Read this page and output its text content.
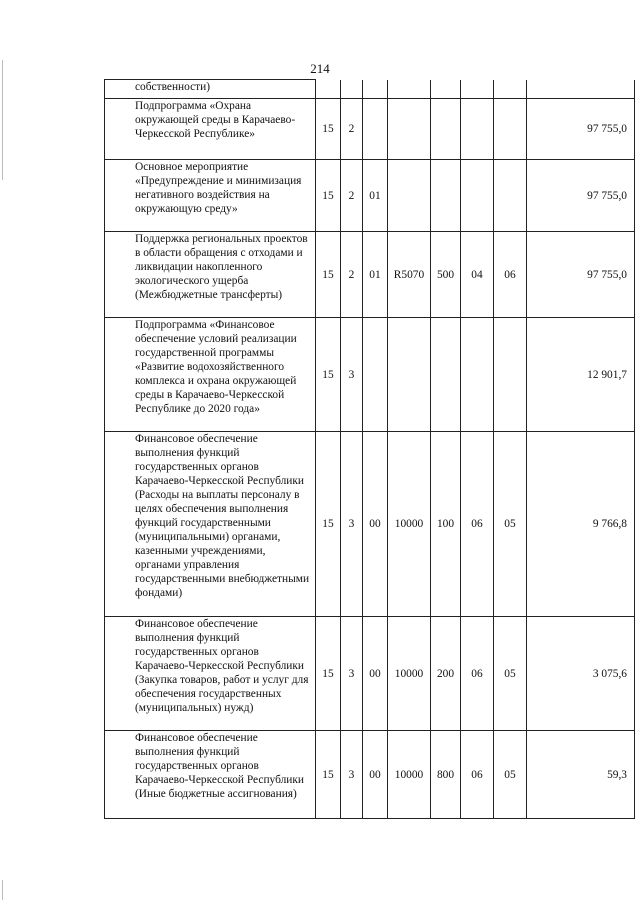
214
собственности)								
Подпрограмма «Охрана окружающей среды в Карачаево-Черкесской Республике»	15	2						97 755,0
Основное мероприятие «Предупреждение и минимизация негативного воздействия на окружающую среду»	15	2	01					97 755,0
Поддержка региональных проектов в области обращения с отходами и ликвидации накопленного экологического ущерба (Межбюджетные трансферты)	15	2	01	R5070	500	04	06	97 755,0
Подпрограмма «Финансовое обеспечение условий реализации государственной программы «Развитие водохозяйственного комплекса и охрана окружающей среды в Карачаево-Черкесской Республике до 2020 года»	15	3						12 901,7
Финансовое обеспечение выполнения функций государственных органов Карачаево-Черкесской Республики (Расходы на выплаты персоналу в целях обеспечения выполнения функций государственными (муниципальными) органами, казенными учреждениями, органами управления государственными внебюджетными фондами)	15	3	00	10000	100	06	05	9 766,8
Финансовое обеспечение выполнения функций государственных органов Карачаево-Черкесской Республики (Закупка товаров, работ и услуг для обеспечения государственных (муниципальных) нужд)	15	3	00	10000	200	06	05	3 075,6
Финансовое обеспечение выполнения функций государственных органов Карачаево-Черкесской Республики (Иные бюджетные ассигнования)	15	3	00	10000	800	06	05	59,3
